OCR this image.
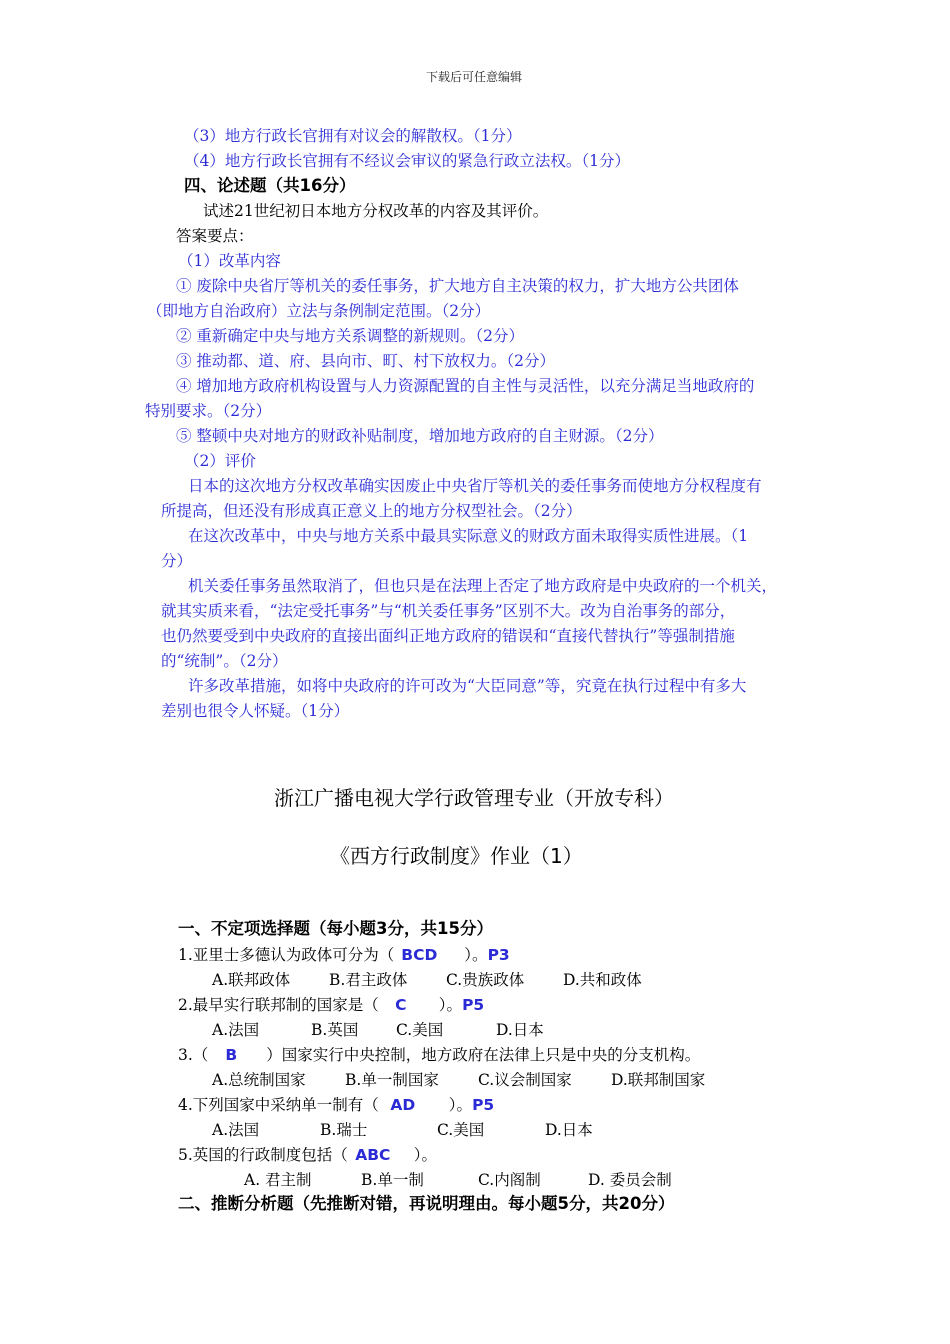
下载后可任意编辑
（3）地方行政长官拥有对议会的解散权。（1分）
（4）地方行政长官拥有不经议会审议的紧急行政立法权。（1分）
四、论述题（共16分）
试述21世纪初日本地方分权改革的内容及其评价。
答案要点：
（1）改革内容
① 废除中央省厅等机关的委任事务，扩大地方自主决策的权力，扩大地方公共团体
（即地方自治政府）立法与条例制定范围。（2分）
② 重新确定中央与地方关系调整的新规则。（2分）
③ 推动都、道、府、县向市、町、村下放权力。（2分）
④ 增加地方政府机构设置与人力资源配置的自主性与灵活性，以充分满足当地政府的
特别要求。（2分）
⑤ 整顿中央对地方的财政补贴制度，增加地方政府的自主财源。（2分）
（2）评价
日本的这次地方分权改革确实因废止中央省厅等机关的委任事务而使地方分权程度有
所提高，但还没有形成真正意义上的地方分权型社会。（2分）
在这次改革中，中央与地方关系中最具实际意义的财政方面未取得实质性进展。（1
分）
机关委任事务虽然取消了，但也只是在法理上否定了地方政府是中央政府的一个机关，
就其实质来看，“法定受托事务”与“机关委任事务”区别不大。改为自治事务的部分，
也仍然要受到中央政府的直接出面纠正地方政府的错误和“直接代替执行”等强制措施
的“统制”。（2分）
许多改革措施，如将中央政府的许可改为“大臣同意”等，究竟在执行过程中有多大
差别也很令人怀疑。（1分）
浙江广播电视大学行政管理专业（开放专科）
《西方行政制度》作业（1）
一、不定项选择题（每小题3分，共15分）
1.亚里士多德认为政体可分为（ BCD ）。P3
A.联邦政体	B.君主政体 C.贵族政体	D.共和政体
2.最早实行联邦制的国家是（ C ）。P5
A.法国	B.英国 C.美国	D.日本
3.（ B ）国家实行中央控制，地方政府在法律上只是中央的分支机构。
A.总统制国家	B.单一制国家	C.议会制国家	D.联邦制国家
4.下列国家中采纳单一制有（ AD ）。P5
A.法国	B.瑞士	C.美国	D.日本
5.英国的行政制度包括（ ABC ）。
A. 君主制	B.单一制	C.内阁制	D. 委员会制
二、推断分析题（先推断对错，再说明理由。每小题5分，共20分）
